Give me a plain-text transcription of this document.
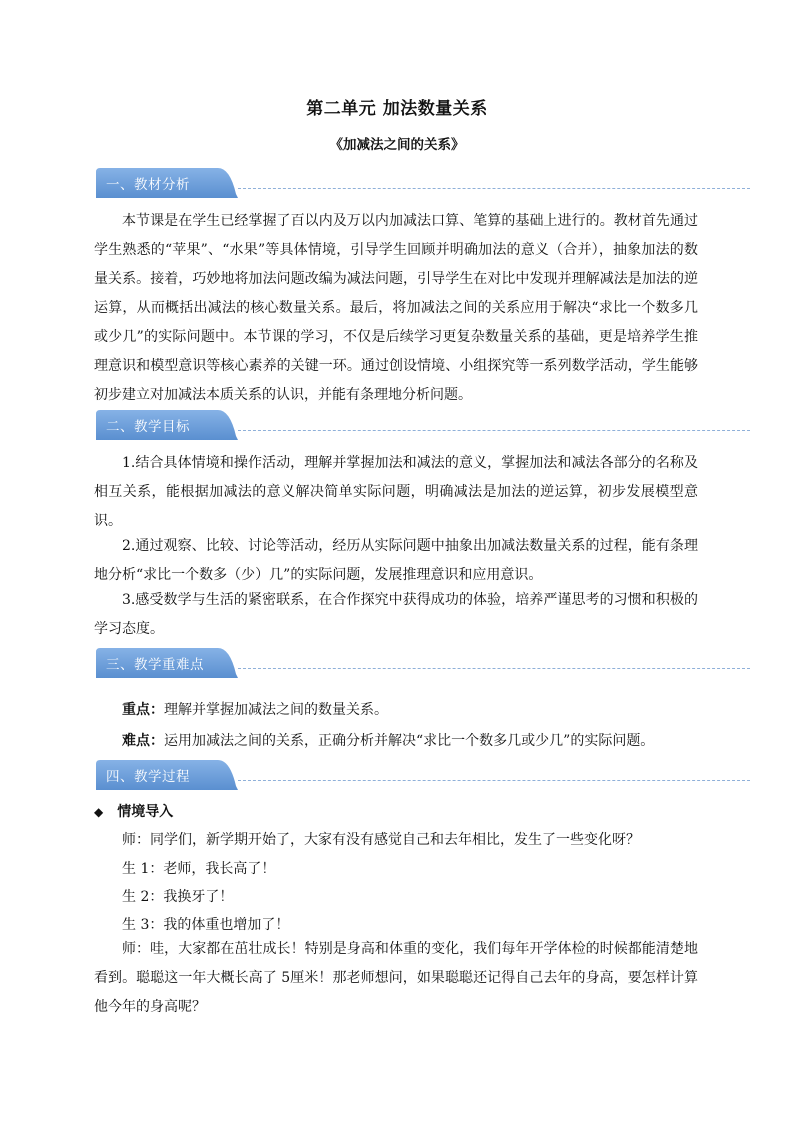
第二单元 加法数量关系
《加减法之间的关系》
一、教材分析
本节课是在学生已经掌握了百以内及万以内加减法口算、笔算的基础上进行的。教材首先通过学生熟悉的“苹果”、“水果”等具体情境，引导学生回顾并明确加法的意义（合并），抽象加法的数量关系。接着，巧妙地将加法问题改编为减法问题，引导学生在对比中发现并理解减法是加法的逆运算，从而概括出减法的核心数量关系。最后，将加减法之间的关系应用于解决“求比一个数多几或少几”的实际问题中。本节课的学习，不仅是后续学习更复杂数量关系的基础，更是培养学生推理意识和模型意识等核心素养的关键一环。通过创设情境、小组探究等一系列数学活动，学生能够初步建立对加减法本质关系的认识，并能有条理地分析问题。
二、教学目标
1.结合具体情境和操作活动，理解并掌握加法和减法的意义，掌握加法和减法各部分的名称及相互关系，能根据加减法的意义解决简单实际问题，明确减法是加法的逆运算，初步发展模型意识。
2.通过观察、比较、讨论等活动，经历从实际问题中抽象出加减法数量关系的过程，能有条理地分析“求比一个数多（少）几”的实际问题，发展推理意识和应用意识。
3.感受数学与生活的紧密联系，在合作探究中获得成功的体验，培养严谨思考的习惯和积极的学习态度。
三、教学重难点
重点：理解并掌握加减法之间的数量关系。
难点：运用加减法之间的关系，正确分析并解决“求比一个数多几或少几”的实际问题。
四、教学过程
◆ 情境导入
师：同学们，新学期开始了，大家有没有感觉自己和去年相比，发生了一些变化呀？
生 1：老师，我长高了！
生 2：我换牙了！
生 3：我的体重也增加了！
师：哇，大家都在茁壮成长！特别是身高和体重的变化，我们每年开学体检的时候都能清楚地看到。聪聪这一年大概长高了 5厘米！那老师想问，如果聪聪还记得自己去年的身高，要怎样计算他今年的身高呢？
